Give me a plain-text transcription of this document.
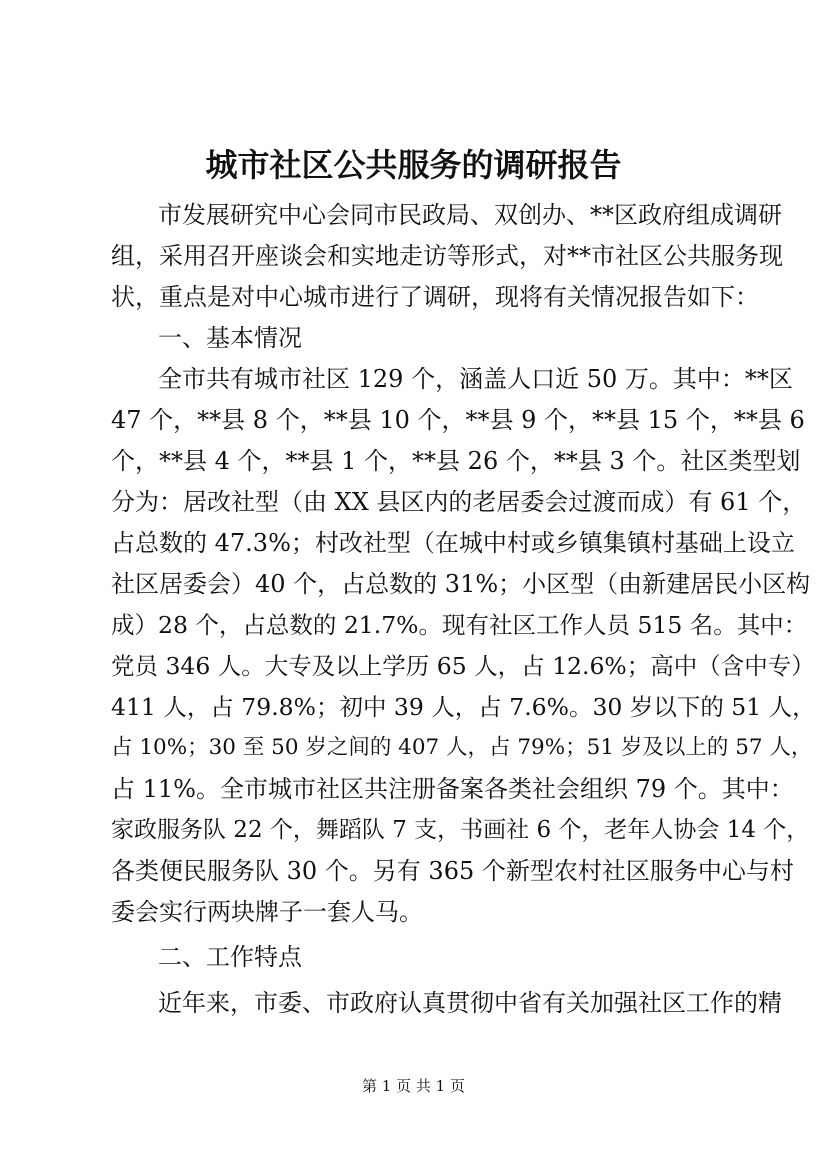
城市社区公共服务的调研报告
市发展研究中心会同市民政局、双创办、**区政府组成调研
组，采用召开座谈会和实地走访等形式，对**市社区公共服务现
状，重点是对中心城市进行了调研，现将有关情况报告如下：
一、基本情况
全市共有城市社区 129 个，涵盖人口近 50 万。其中：**区
47 个，**县 8 个，**县 10 个，**县 9 个，**县 15 个，**县 6
个，**县 4 个，**县 1 个，**县 26 个，**县 3 个。社区类型划
分为：居改社型（由 XX 县区内的老居委会过渡而成）有 61 个，
占总数的 47.3%；村改社型（在城中村或乡镇集镇村基础上设立
社区居委会）40 个，占总数的 31%；小区型（由新建居民小区构
成）28 个，占总数的 21.7%。现有社区工作人员 515 名。其中：
党员 346 人。大专及以上学历 65 人，占 12.6%；高中（含中专）
411 人，占 79.8%；初中 39 人，占 7.6%。30 岁以下的 51 人，
占 10%；30 至 50 岁之间的 407 人，占 79%；51 岁及以上的 57 人，
占 11%。全市城市社区共注册备案各类社会组织 79 个。其中：
家政服务队 22 个，舞蹈队 7 支，书画社 6 个，老年人协会 14 个，
各类便民服务队 30 个。另有 365 个新型农村社区服务中心与村
委会实行两块牌子一套人马。
二、工作特点
近年来，市委、市政府认真贯彻中省有关加强社区工作的精
第 1 页 共 1 页
